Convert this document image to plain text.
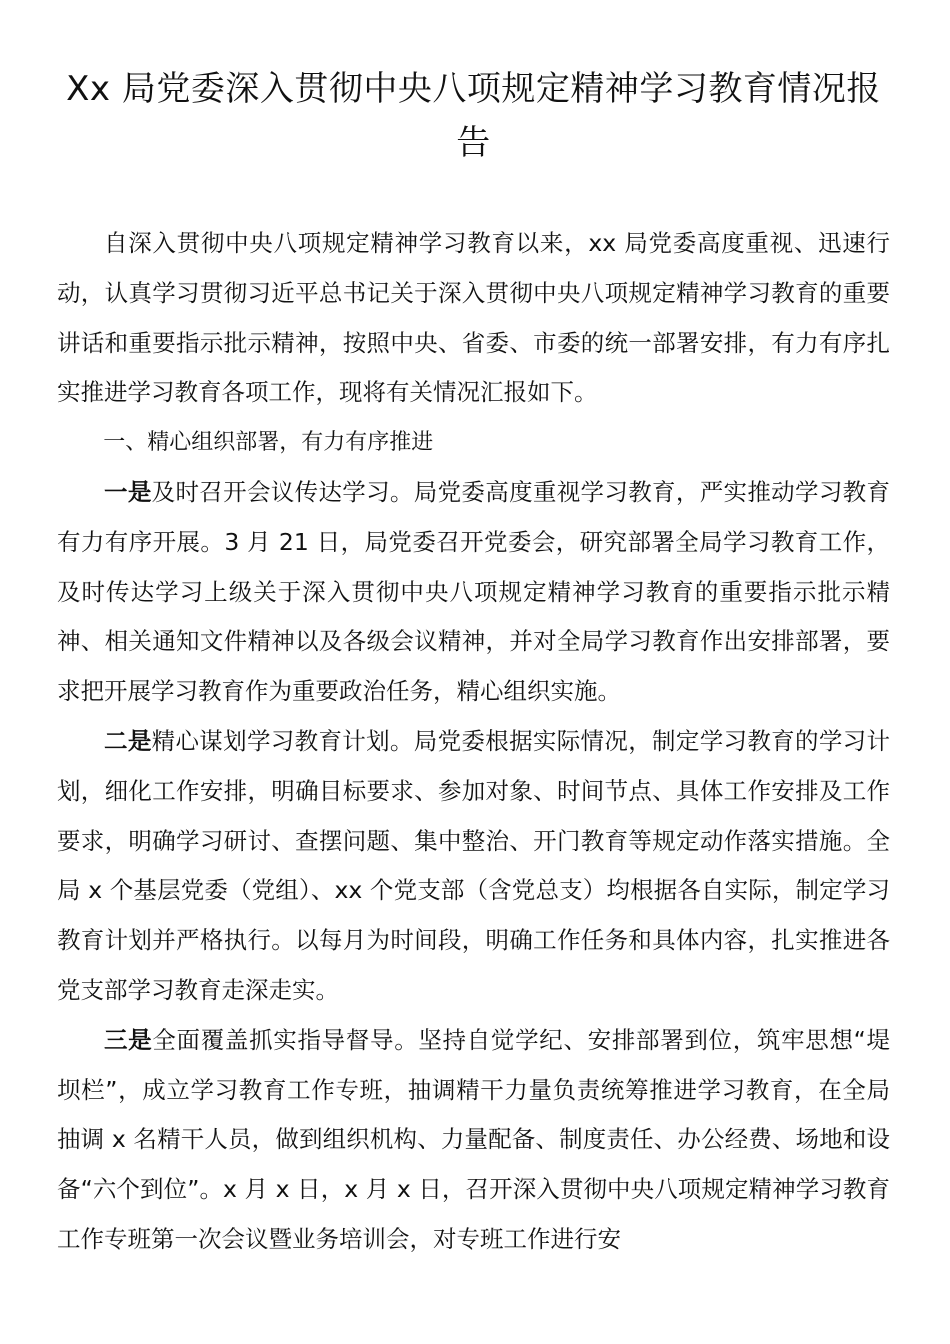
Xx 局党委深入贯彻中央八项规定精神学习教育情况报告

自深入贯彻中央八项规定精神学习教育以来，xx 局党委高度重视、迅速行动，认真学习贯彻习近平总书记关于深入贯彻中央八项规定精神学习教育的重要讲话和重要指示批示精神，按照中央、省委、市委的统一部署安排，有力有序扎实推进学习教育各项工作，现将有关情况汇报如下。

一、精心组织部署，有力有序推进

一是及时召开会议传达学习。局党委高度重视学习教育，严实推动学习教育有力有序开展。3 月 21 日，局党委召开党委会，研究部署全局学习教育工作，及时传达学习上级关于深入贯彻中央八项规定精神学习教育的重要指示批示精神、相关通知文件精神以及各级会议精神，并对全局学习教育作出安排部署，要求把开展学习教育作为重要政治任务，精心组织实施。

二是精心谋划学习教育计划。局党委根据实际情况，制定学习教育的学习计划，细化工作安排，明确目标要求、参加对象、时间节点、具体工作安排及工作要求，明确学习研讨、查摆问题、集中整治、开门教育等规定动作落实措施。全局 x 个基层党委（党组）、xx 个党支部（含党总支）均根据各自实际，制定学习教育计划并严格执行。以每月为时间段，明确工作任务和具体内容，扎实推进各党支部学习教育走深走实。

三是全面覆盖抓实指导督导。坚持自觉学纪、安排部署到位，筑牢思想“堤坝栏”，成立学习教育工作专班，抽调精干力量负责统筹推进学习教育，在全局抽调 x 名精干人员，做到组织机构、力量配备、制度责任、办公经费、场地和设备“六个到位”。x 月 x 日，x 月 x 日，召开深入贯彻中央八项规定精神学习教育工作专班第一次会议暨业务培训会，对专班工作进行安
